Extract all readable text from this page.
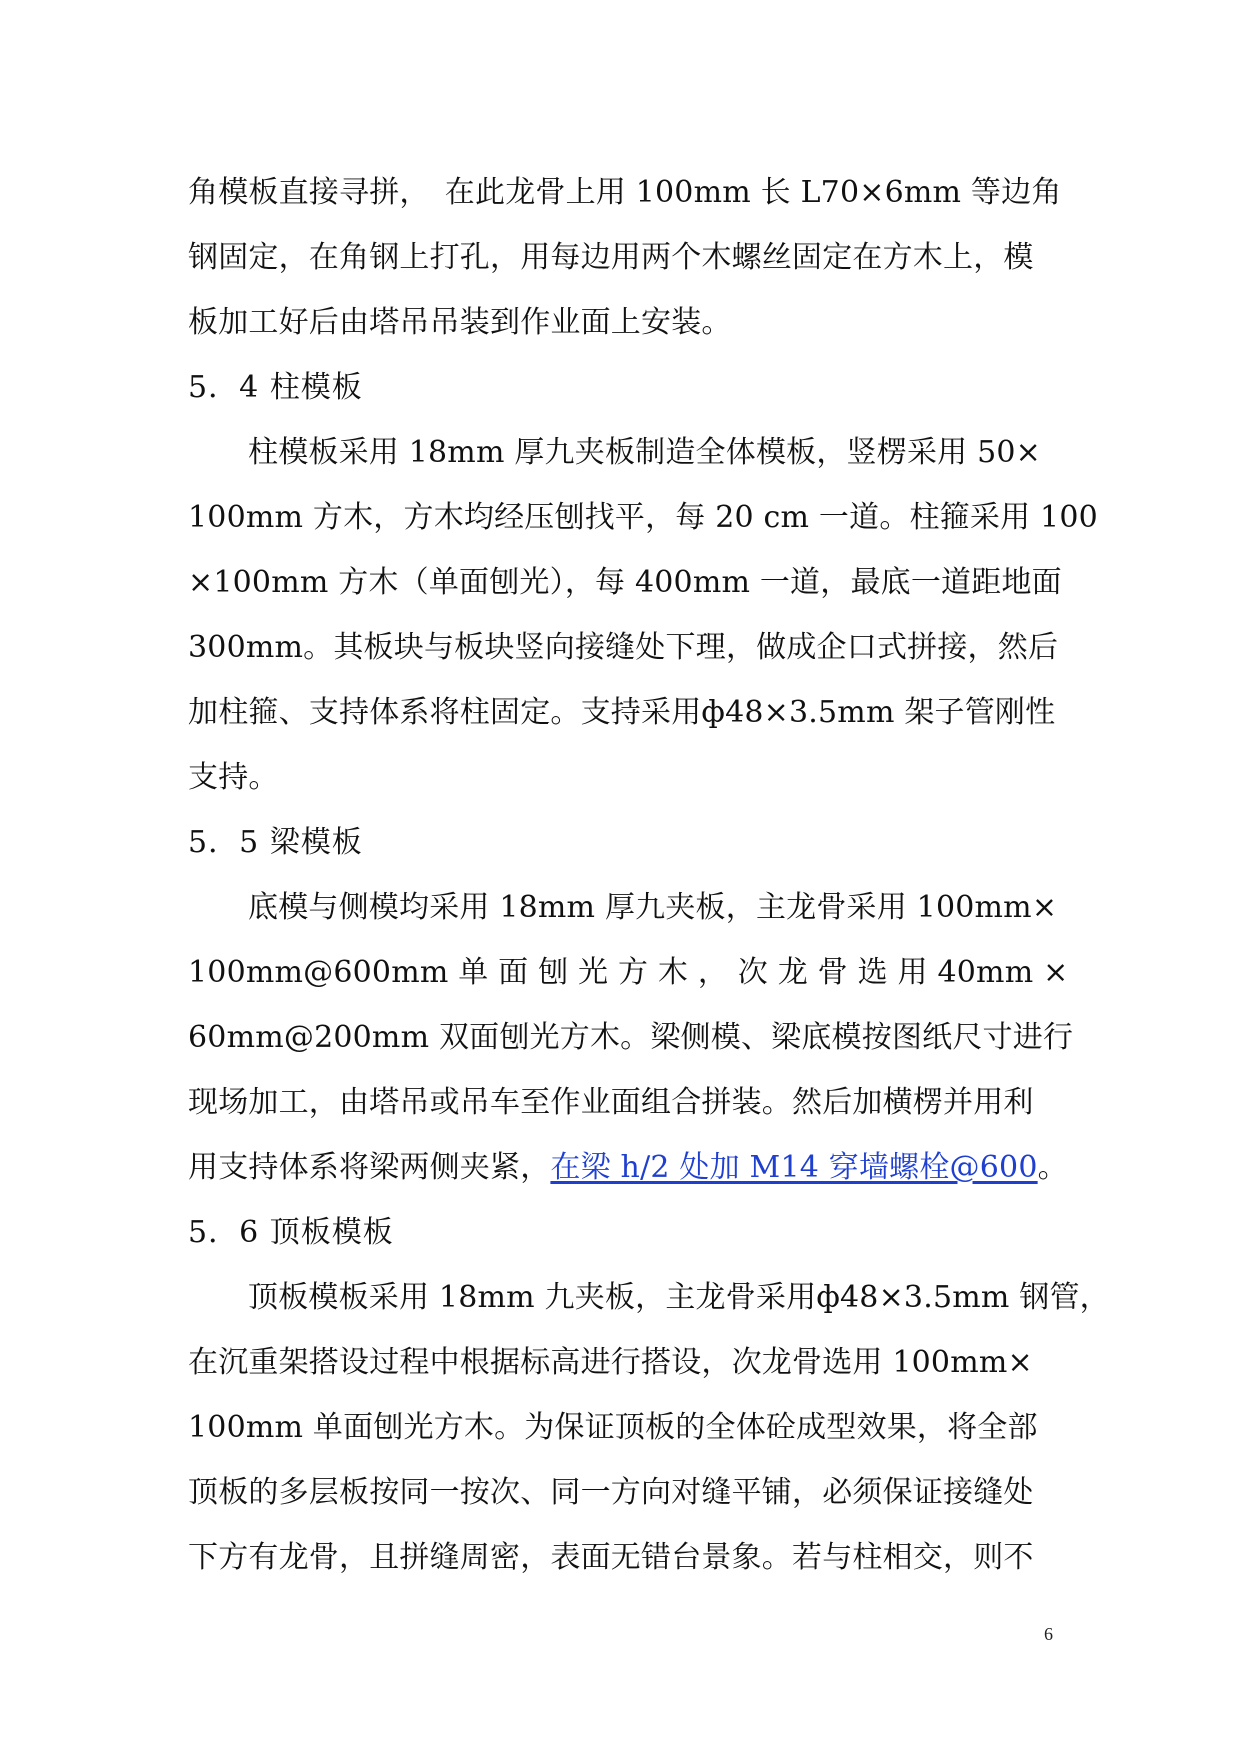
角模板直接寻拼，　在此龙骨上用 100mm 长 L70×6mm 等边角
钢固定，在角钢上打孔，用每边用两个木螺丝固定在方木上，模
板加工好后由塔吊吊装到作业面上安装。
5．4 柱模板
柱模板采用 18mm 厚九夹板制造全体模板，竖楞采用 50×
100mm 方木，方木均经压刨找平，每 20 cm 一道。柱箍采用 100
×100mm 方木（单面刨光），每 400mm 一道，最底一道距地面
300mm。其板块与板块竖向接缝处下理，做成企口式拼接，然后
加柱箍、支持体系将柱固定。支持采用ф48×3.5mm 架子管刚性
支持。
5．5 梁模板
底模与侧模均采用 18mm 厚九夹板，主龙骨采用 100mm×
100mm@600mm 单 面 刨 光 方 木 ， 次 龙 骨 选 用 40mm ×
60mm@200mm 双面刨光方木。梁侧模、梁底模按图纸尺寸进行
现场加工，由塔吊或吊车至作业面组合拼装。然后加横楞并用利
用支持体系将梁两侧夹紧，在梁 h/2 处加 M14 穿墙螺栓@600。
5．6 顶板模板
顶板模板采用 18mm 九夹板，主龙骨采用ф48×3.5mm 钢管，
在沉重架搭设过程中根据标高进行搭设，次龙骨选用 100mm×
100mm 单面刨光方木。为保证顶板的全体砼成型效果，将全部
顶板的多层板按同一按次、同一方向对缝平铺，必须保证接缝处
下方有龙骨，且拼缝周密，表面无错台景象。若与柱相交，则不
6
